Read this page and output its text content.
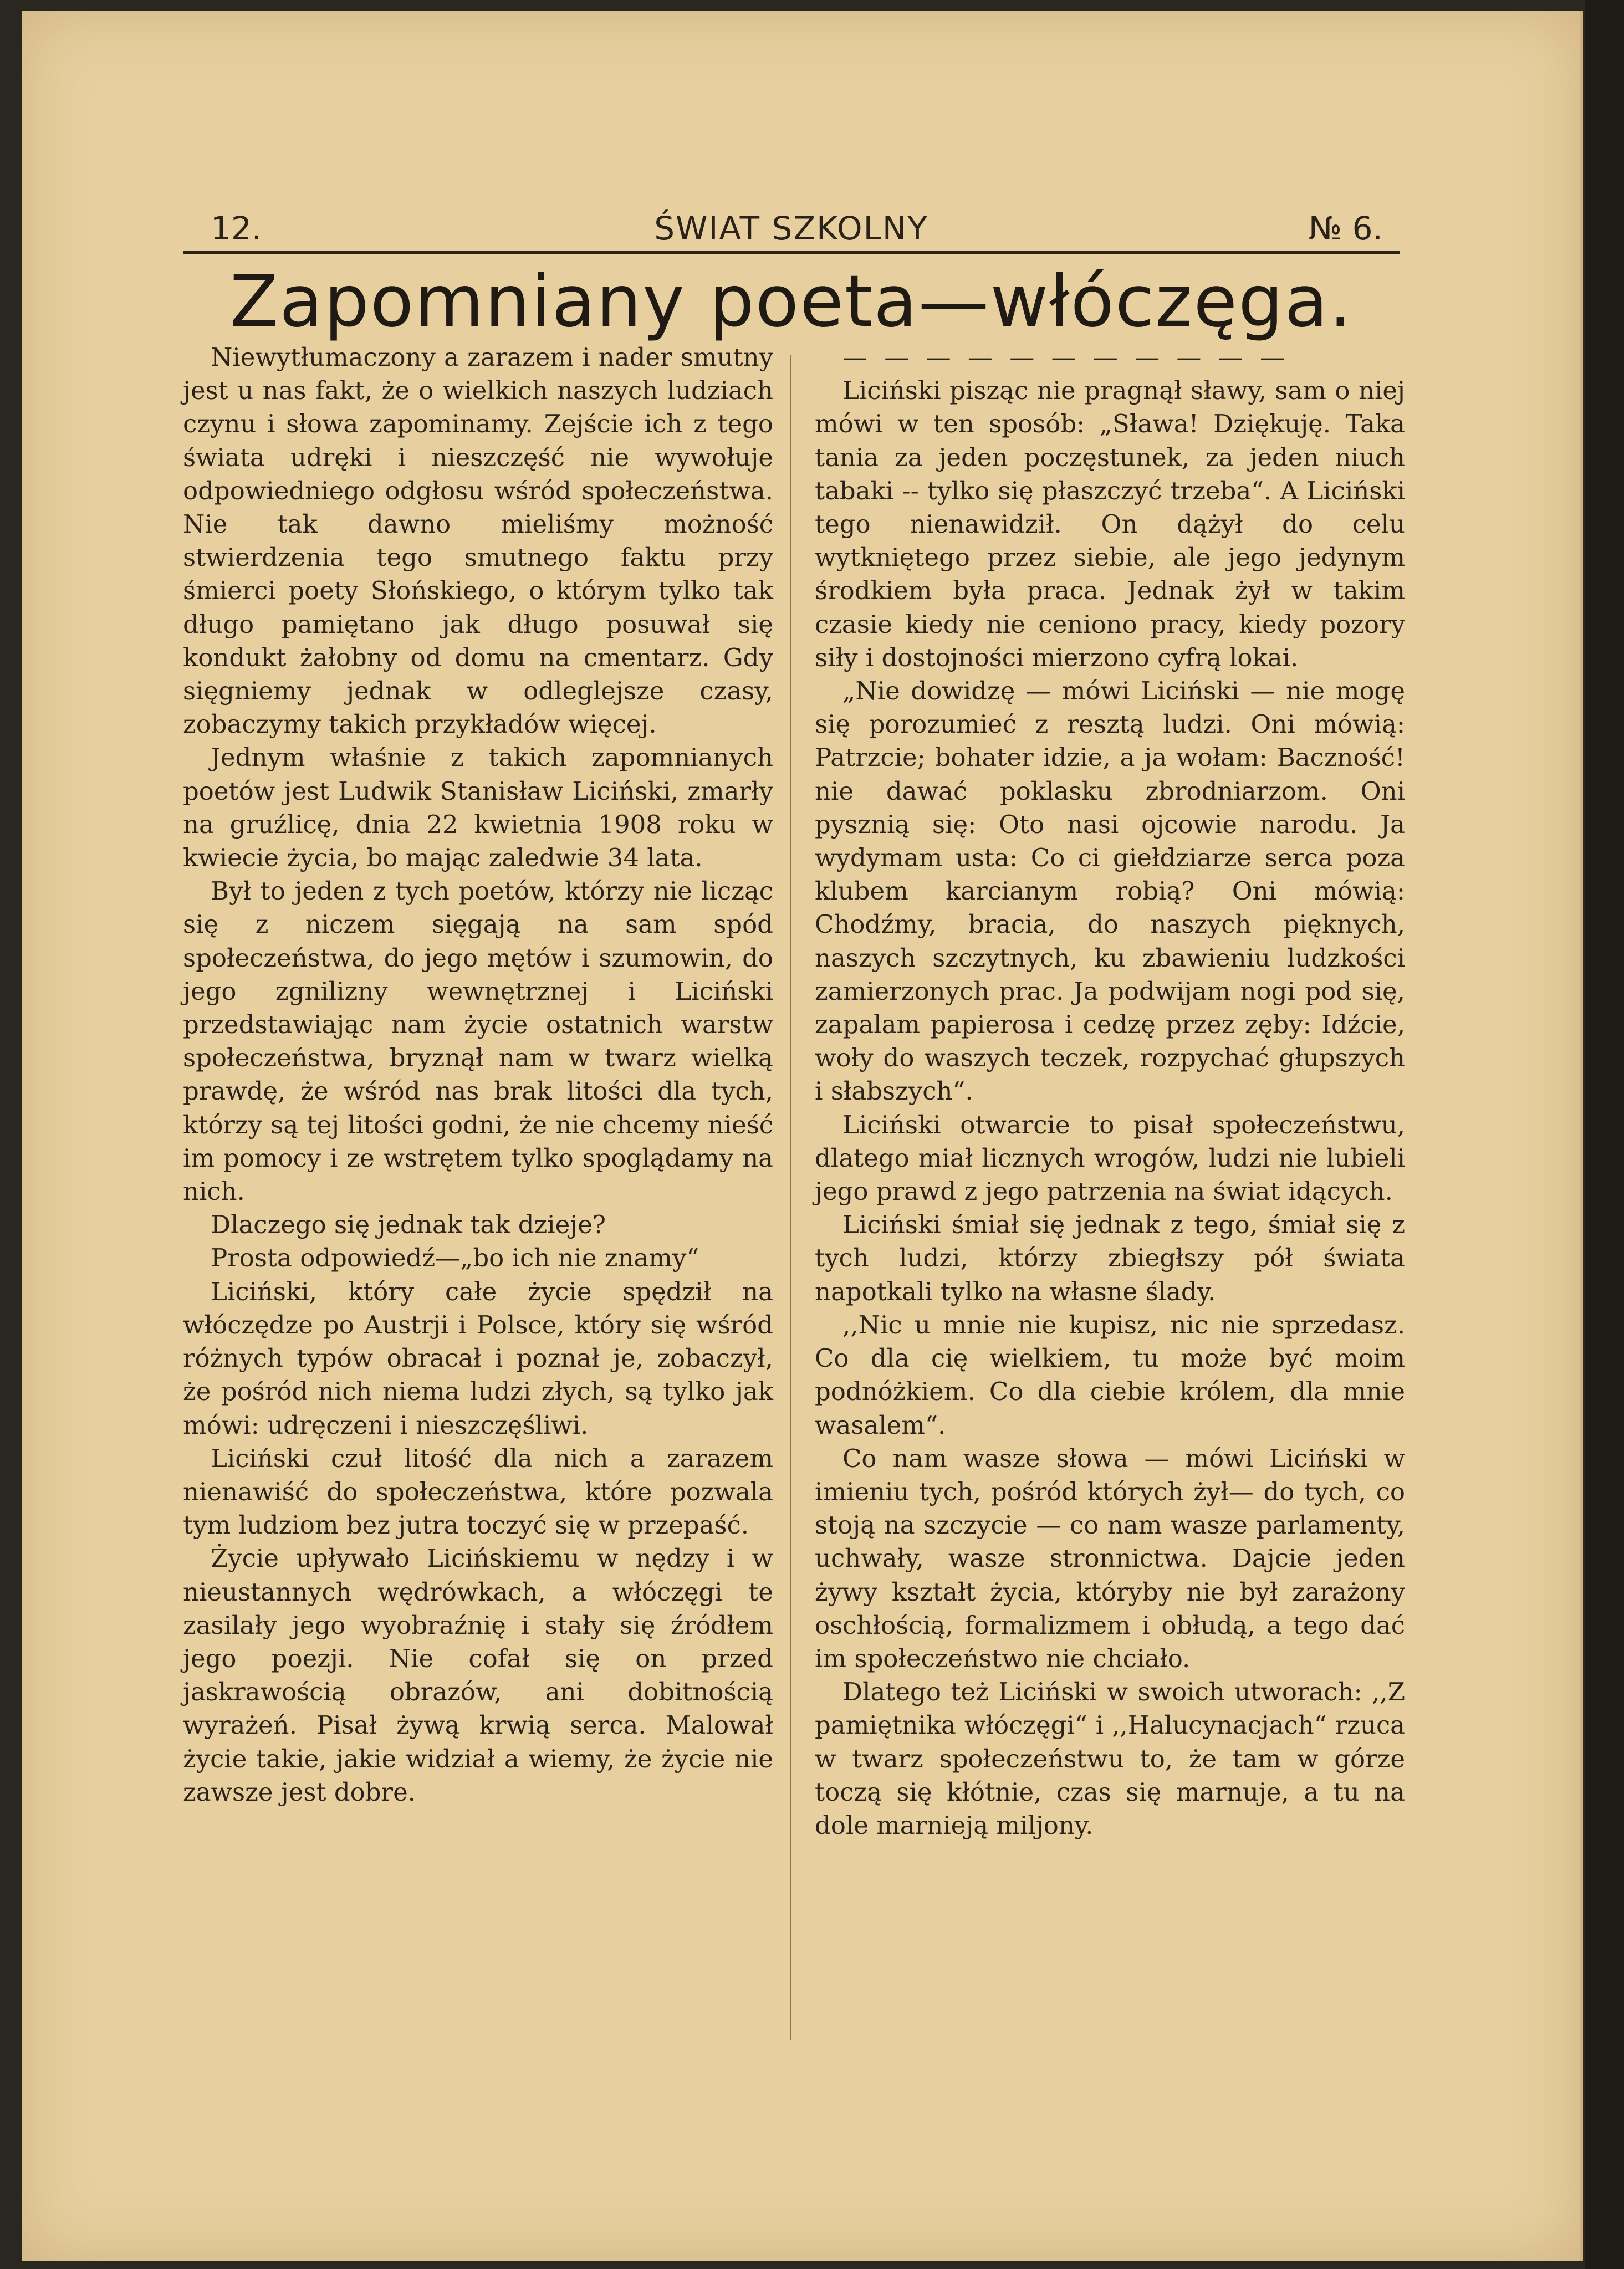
12.	ŚWIAT SZKOLNY	№ 6.
Zapomniany poeta—włóczęga.

Niewytłumaczony a zarazem i nader smutny jest u nas fakt, że o wielkich naszych ludziach czynu i słowa zapominamy. Zejście ich z tego świata udręki i nieszczęść nie wywołuje odpowiedniego odgłosu wśród społeczeństwa. Nie tak dawno mieliśmy możność stwierdzenia tego smutnego faktu przy śmierci poety Słońskiego, o którym tylko tak długo pamiętano jak długo posuwał się kondukt żałobny od domu na cmentarz. Gdy sięgniemy jednak w odleglejsze czasy, zobaczymy takich przykładów więcej.

Jednym właśnie z takich zapomnianych poetów jest Ludwik Stanisław Liciński, zmarły na gruźlicę, dnia 22 kwietnia 1908 roku w kwiecie życia, bo mając zaledwie 34 lata.

Był to jeden z tych poetów, którzy nie licząc się z niczem sięgają na sam spód społeczeństwa, do jego mętów i szumowin, do jego zgnilizny wewnętrznej i Liciński przedstawiając nam życie ostatnich warstw społeczeństwa, bryznął nam w twarz wielką prawdę, że wśród nas brak litości dla tych, którzy są tej litości godni, że nie chcemy nieść im pomocy i ze wstrętem tylko spoglądamy na nich.

Dlaczego się jednak tak dzieje?

Prosta odpowiedź—„bo ich nie znamy“

Liciński, który całe życie spędził na włóczędze po Austrji i Polsce, który się wśród różnych typów obracał i poznał je, zobaczył, że pośród nich niema ludzi złych, są tylko jak mówi: udręczeni i nieszczęśliwi.

Liciński czuł litość dla nich a zarazem nienawiść do społeczeństwa, które pozwala tym ludziom bez jutra toczyć się w przepaść.

Życie upływało Licińskiemu w nędzy i w nieustannych wędrówkach, a włóczęgi te zasilały jego wyobraźnię i stały się źródłem jego poezji. Nie cofał się on przed jaskrawością obrazów, ani dobitnością wyrażeń. Pisał żywą krwią serca. Malował życie takie, jakie widział a wiemy, że życie nie zawsze jest dobre.

— — — — — — — — — — —

Liciński pisząc nie pragnął sławy, sam o niej mówi w ten sposób: „Sława! Dziękuję. Taka tania za jeden poczęstunek, za jeden niuch tabaki -- tylko się płaszczyć trzeba“. A Liciński tego nienawidził. On dążył do celu wytkniętego przez siebie, ale jego jedynym środkiem była praca. Jednak żył w takim czasie kiedy nie ceniono pracy, kiedy pozory siły i dostojności mierzono cyfrą lokai.

„Nie dowidzę — mówi Liciński — nie mogę się porozumieć z resztą ludzi. Oni mówią: Patrzcie; bohater idzie, a ja wołam: Baczność! nie dawać poklasku zbrodniarzom. Oni pysznią się: Oto nasi ojcowie narodu. Ja wydymam usta: Co ci giełdziarze serca poza klubem karcianym robią? Oni mówią: Chodźmy, bracia, do naszych pięknych, naszych szczytnych, ku zbawieniu ludzkości zamierzonych prac. Ja podwijam nogi pod się, zapalam papierosa i cedzę przez zęby: Idźcie, woły do waszych teczek, rozpychać głupszych i słabszych“.

Liciński otwarcie to pisał społeczeństwu, dlatego miał licznych wrogów, ludzi nie lubieli jego prawd z jego patrzenia na świat idących.

Liciński śmiał się jednak z tego, śmiał się z tych ludzi, którzy zbiegłszy pół świata napotkali tylko na własne ślady.

,,Nic u mnie nie kupisz, nic nie sprzedasz. Co dla cię wielkiem, tu może być moim podnóżkiem. Co dla ciebie królem, dla mnie wasalem“.

Co nam wasze słowa — mówi Liciński w imieniu tych, pośród których żył— do tych, co stoją na szczycie — co nam wasze parlamenty, uchwały, wasze stronnictwa. Dajcie jeden żywy kształt życia, któryby nie był zarażony oschłością, formalizmem i obłudą, a tego dać im społeczeństwo nie chciało.

Dlatego też Liciński w swoich utworach: ,,Z pamiętnika włóczęgi“ i ,,Halucynacjach“ rzuca w twarz społeczeństwu to, że tam w górze toczą się kłótnie, czas się marnuje, a tu na dole marnieją miljony.
